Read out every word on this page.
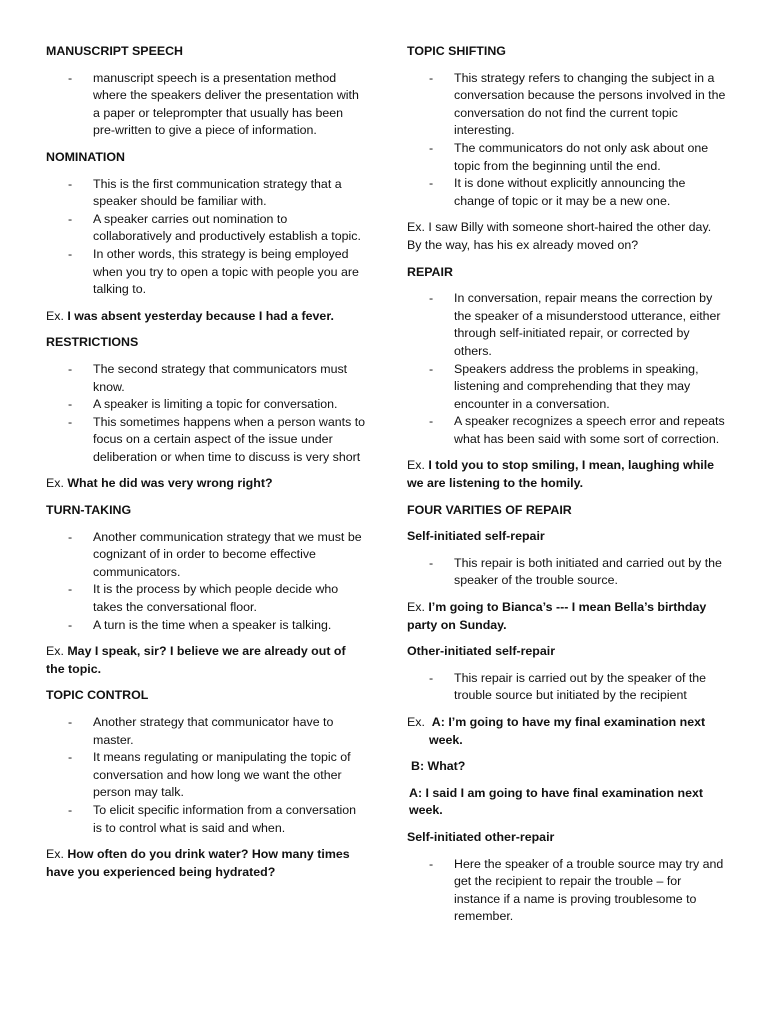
MANUSCRIPT SPEECH
- manuscript speech is a presentation method where the speakers deliver the presentation with a paper or teleprompter that usually has been pre-written to give a piece of information.
NOMINATION
- This is the first communication strategy that a speaker should be familiar with.
- A speaker carries out nomination to collaboratively and productively establish a topic.
- In other words, this strategy is being employed when you try to open a topic with people you are talking to.
Ex. I was absent yesterday because I had a fever.
RESTRICTIONS
- The second strategy that communicators must know.
- A speaker is limiting a topic for conversation.
- This sometimes happens when a person wants to focus on a certain aspect of the issue under deliberation or when time to discuss is very short
Ex. What he did was very wrong right?
TURN-TAKING
- Another communication strategy that we must be cognizant of in order to become effective communicators.
- It is the process by which people decide who takes the conversational floor.
- A turn is the time when a speaker is talking.
Ex. May I speak, sir? I believe we are already out of the topic.
TOPIC CONTROL
- Another strategy that communicator have to master.
- It means regulating or manipulating the topic of conversation and how long we want the other person may talk.
- To elicit specific information from a conversation is to control what is said and when.
Ex. How often do you drink water? How many times have you experienced being hydrated?
TOPIC SHIFTING
- This strategy refers to changing the subject in a conversation because the persons involved in the conversation do not find the current topic interesting.
- The communicators do not only ask about one topic from the beginning until the end.
- It is done without explicitly announcing the change of topic or it may be a new one.
Ex. I saw Billy with someone short-haired the other day. By the way, has his ex already moved on?
REPAIR
- In conversation, repair means the correction by the speaker of a misunderstood utterance, either through self-initiated repair, or corrected by others.
- Speakers address the problems in speaking, listening and comprehending that they may encounter in a conversation.
- A speaker recognizes a speech error and repeats what has been said with some sort of correction.
Ex. I told you to stop smiling, I mean, laughing while we are listening to the homily.
FOUR VARITIES OF REPAIR
Self-initiated self-repair
- This repair is both initiated and carried out by the speaker of the trouble source.
Ex. I’m going to Bianca’s --- I mean Bella’s birthday party on Sunday.
Other-initiated self-repair
- This repair is carried out by the speaker of the trouble source but initiated by the recipient
Ex. A: I’m going to have my final examination next week.
B: What?
A: I said I am going to have final examination next week.
Self-initiated other-repair
- Here the speaker of a trouble source may try and get the recipient to repair the trouble – for instance if a name is proving troublesome to remember.
